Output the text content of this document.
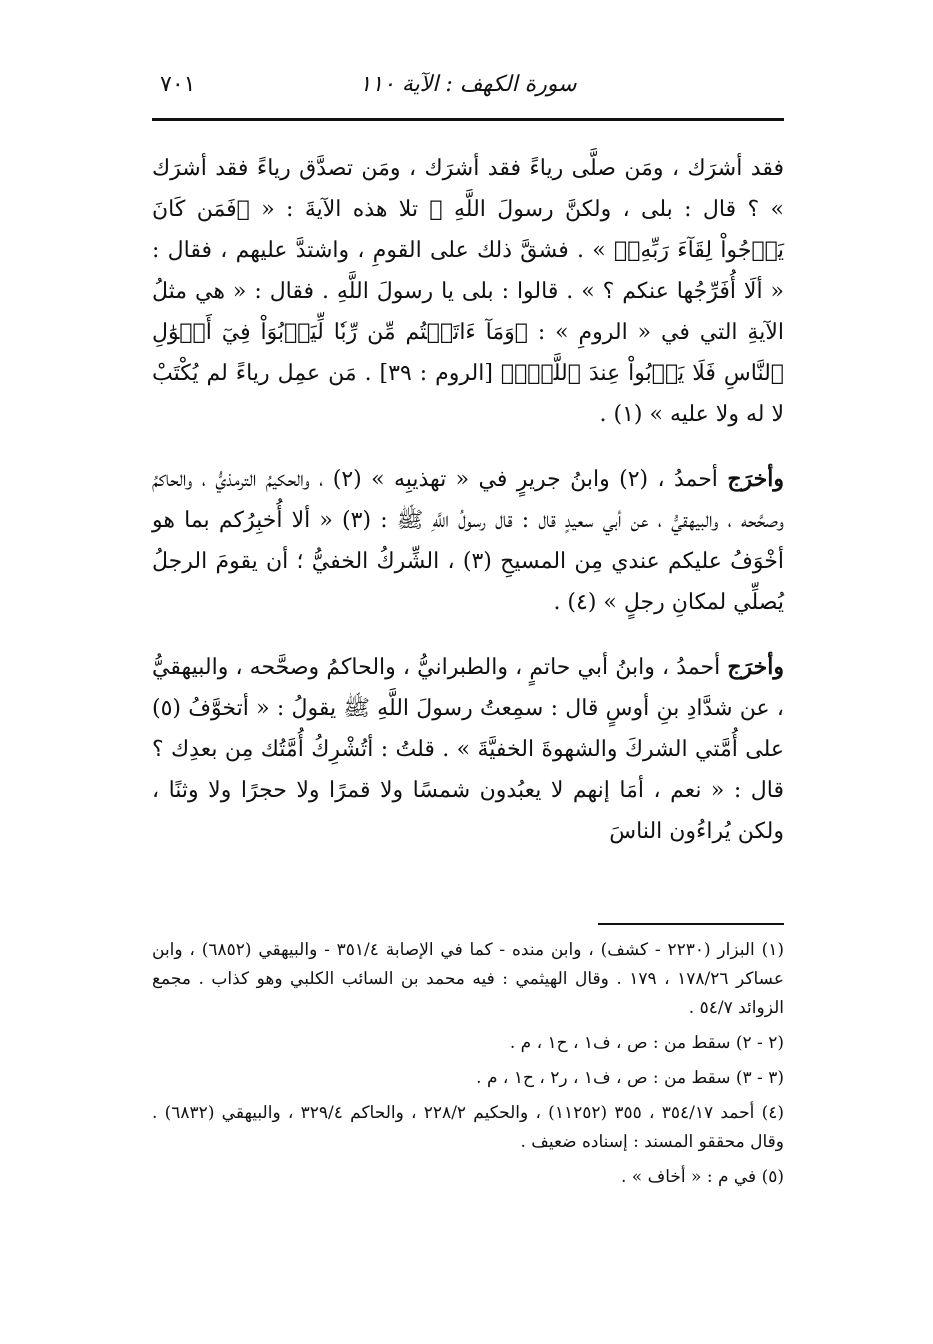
سورة الكهف : الآية ١١٠
٧٠١

فقد أشرَك ، ومَن صلَّى رياءً فقد أشرَك ، ومَن تصدَّق رياءً فقد أشرَك » ؟ قال : بلى ، ولكنَّ رسولَ اللَّهِ ﷺ تلا هذه الآيةَ : « ﴿فَمَن كَانَ يَرۡجُواْ لِقَآءَ رَبِّهِۦ﴾ » . فشقَّ ذلك على القومِ ، واشتدَّ عليهم ، فقال : « ألَا أُفَرِّجُها عنكم ؟ » . قالوا : بلى يا رسولَ اللَّهِ . فقال : « هي مثلُ الآيةِ التي في « الرومِ » : ﴿وَمَآ ءَاتَيۡتُم مِّن رِّبٗا لِّيَرۡبُوَاْ فِيٓ أَمۡوَٰلِ ٱلنَّاسِ فَلَا يَرۡبُواْ عِندَ ٱللَّهِۖ﴾ [الروم : ٣٩] . مَن عمِل رياءً لم يُكْتَبْ لا له ولا عليه » (١) .

وأخرَج أحمدُ ، (٢) وابنُ جريرٍ في « تهذيبِه » (٢) ، والحكيمُ الترمذيُّ ، والحاكمُ وصحَّحه ، والبيهقيُّ ، عن أبي سعيدٍ قال : قال رسولُ اللَّهِ ﷺ : (٣) « ألا أُخبِرُكم بما هو أخْوَفُ عليكم عندي مِن المسيحِ (٣) ، الشِّركُ الخفيُّ ؛ أن يقومَ الرجلُ يُصلِّي لمكانِ رجلٍ » (٤) .

وأخرَج أحمدُ ، وابنُ أبي حاتمٍ ، والطبرانيُّ ، والحاكمُ وصحَّحه ، والبيهقيُّ ، عن شدَّادِ بنِ أوسٍ قال : سمِعتُ رسولَ اللَّهِ ﷺ يقولُ : « أتخوَّفُ (٥) على أُمَّتي الشركَ والشهوةَ الخفيَّةَ » . قلتُ : أتُشْرِكُ أُمَّتُك مِن بعدِك ؟ قال : « نعم ، أمَا إنهم لا يعبُدون شمسًا ولا قمرًا ولا حجرًا ولا وثنًا ، ولكن يُراءُون الناسَ

(١) البزار (٢٢٣٠ - كشف) ، وابن منده - كما في الإصابة ٣٥١/٤ - والبيهقي (٦٨٥٢) ، وابن عساكر ١٧٨/٢٦ ، ١٧٩ . وقال الهيثمي : فيه محمد بن السائب الكلبي وهو كذاب . مجمع الزوائد ٥٤/٧ .

(٢ - ٢) سقط من : ص ، ف١ ، ح١ ، م .

(٣ - ٣) سقط من : ص ، ف١ ، ر٢ ، ح١ ، م .

(٤) أحمد ٣٥٤/١٧ ، ٣٥٥ (١١٢٥٢) ، والحكيم ٢٢٨/٢ ، والحاكم ٣٢٩/٤ ، والبيهقي (٦٨٣٢) . وقال محققو المسند : إسناده ضعيف .

(٥) في م : « أخاف » .
